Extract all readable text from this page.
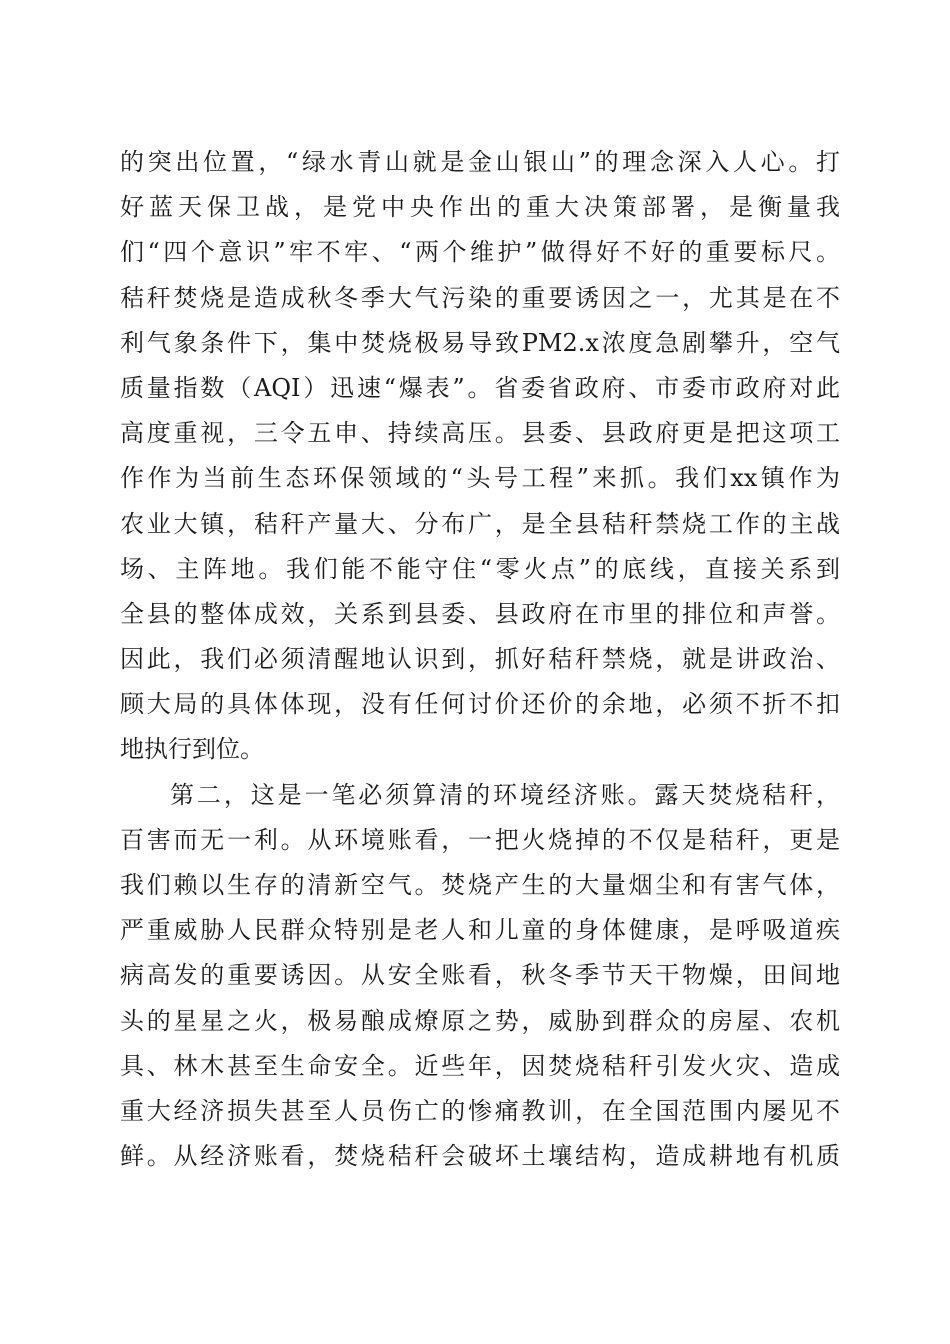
的突出位置，“绿水青山就是金山银山”的理念深入人心。打
好蓝天保卫战，是党中央作出的重大决策部署，是衡量我
们“四个意识”牢不牢、“两个维护”做得好不好的重要标尺。
秸秆焚烧是造成秋冬季大气污染的重要诱因之一，尤其是在不
利气象条件下，集中焚烧极易导致PM2.x浓度急剧攀升，空气
质量指数（AQI）迅速“爆表”。省委省政府、市委市政府对此
高度重视，三令五申、持续高压。县委、县政府更是把这项工
作作为当前生态环保领域的“头号工程”来抓。我们xx镇作为
农业大镇，秸秆产量大、分布广，是全县秸秆禁烧工作的主战
场、主阵地。我们能不能守住“零火点”的底线，直接关系到
全县的整体成效，关系到县委、县政府在市里的排位和声誉。
因此，我们必须清醒地认识到，抓好秸秆禁烧，就是讲政治、
顾大局的具体体现，没有任何讨价还价的余地，必须不折不扣
地执行到位。
第二，这是一笔必须算清的环境经济账。露天焚烧秸秆，
百害而无一利。从环境账看，一把火烧掉的不仅是秸秆，更是
我们赖以生存的清新空气。焚烧产生的大量烟尘和有害气体，
严重威胁人民群众特别是老人和儿童的身体健康，是呼吸道疾
病高发的重要诱因。从安全账看，秋冬季节天干物燥，田间地
头的星星之火，极易酿成燎原之势，威胁到群众的房屋、农机
具、林木甚至生命安全。近些年，因焚烧秸秆引发火灾、造成
重大经济损失甚至人员伤亡的惨痛教训，在全国范围内屡见不
鲜。从经济账看，焚烧秸秆会破坏土壤结构，造成耕地有机质
